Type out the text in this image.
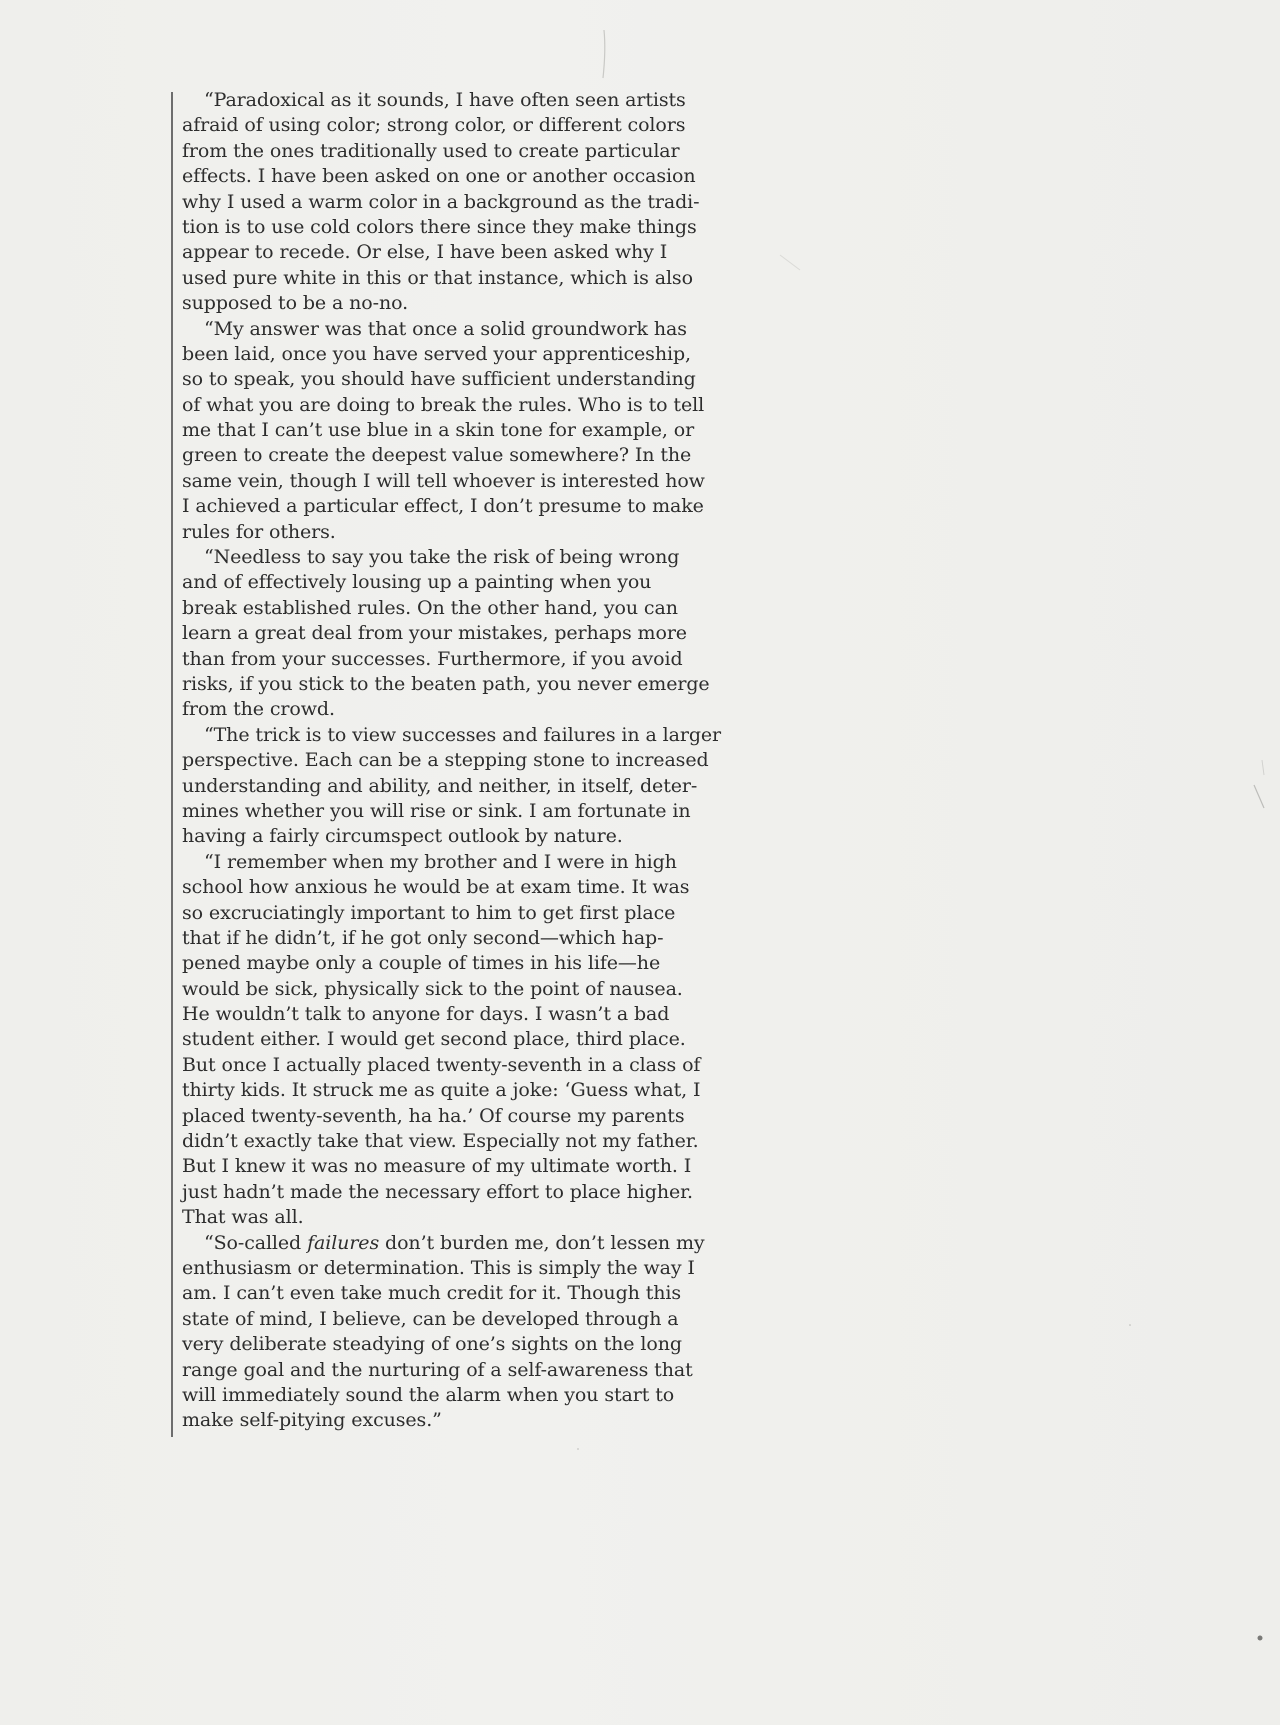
“Paradoxical as it sounds, I have often seen artists
afraid of using color; strong color, or different colors
from the ones traditionally used to create particular
effects. I have been asked on one or another occasion
why I used a warm color in a background as the tradi-
tion is to use cold colors there since they make things
appear to recede. Or else, I have been asked why I
used pure white in this or that instance, which is also
supposed to be a no-no.
“My answer was that once a solid groundwork has
been laid, once you have served your apprenticeship,
so to speak, you should have sufficient understanding
of what you are doing to break the rules. Who is to tell
me that I can’t use blue in a skin tone for example, or
green to create the deepest value somewhere? In the
same vein, though I will tell whoever is interested how
I achieved a particular effect, I don’t presume to make
rules for others.
“Needless to say you take the risk of being wrong
and of effectively lousing up a painting when you
break established rules. On the other hand, you can
learn a great deal from your mistakes, perhaps more
than from your successes. Furthermore, if you avoid
risks, if you stick to the beaten path, you never emerge
from the crowd.
“The trick is to view successes and failures in a larger
perspective. Each can be a stepping stone to increased
understanding and ability, and neither, in itself, deter-
mines whether you will rise or sink. I am fortunate in
having a fairly circumspect outlook by nature.
“I remember when my brother and I were in high
school how anxious he would be at exam time. It was
so excruciatingly important to him to get first place
that if he didn’t, if he got only second—which hap-
pened maybe only a couple of times in his life—he
would be sick, physically sick to the point of nausea.
He wouldn’t talk to anyone for days. I wasn’t a bad
student either. I would get second place, third place.
But once I actually placed twenty-seventh in a class of
thirty kids. It struck me as quite a joke: ‘Guess what, I
placed twenty-seventh, ha ha.’ Of course my parents
didn’t exactly take that view. Especially not my father.
But I knew it was no measure of my ultimate worth. I
just hadn’t made the necessary effort to place higher.
That was all.
“So-called failures don’t burden me, don’t lessen my
enthusiasm or determination. This is simply the way I
am. I can’t even take much credit for it. Though this
state of mind, I believe, can be developed through a
very deliberate steadying of one’s sights on the long
range goal and the nurturing of a self-awareness that
will immediately sound the alarm when you start to
make self-pitying excuses.”
